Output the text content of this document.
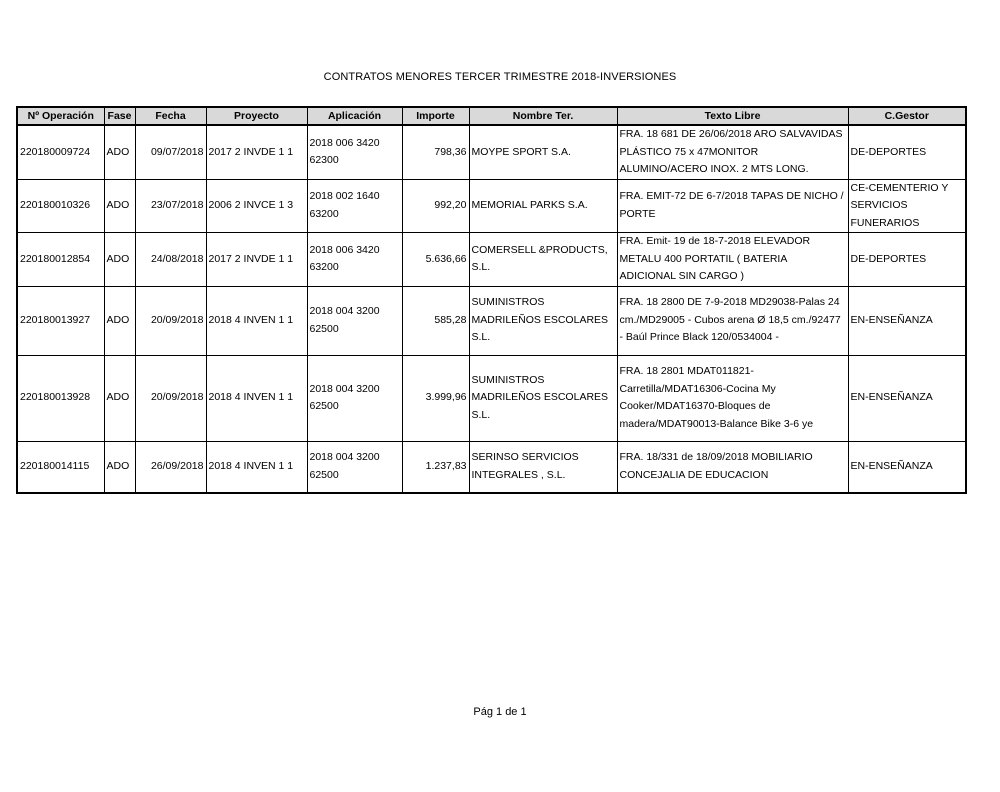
CONTRATOS MENORES TERCER TRIMESTRE 2018-INVERSIONES
Nº Operación	Fase	Fecha	Proyecto	Aplicación	Importe	Nombre Ter.	Texto Libre	C.Gestor
220180009724	ADO	09/07/2018	2017 2 INVDE 1 1	2018 006 3420 62300	798,36	MOYPE SPORT S.A.	FRA. 18 681 DE 26/06/2018 ARO SALVAVIDAS PLÁSTICO 75 x 47MONITOR ALUMINO/ACERO INOX. 2 MTS LONG.	DE-DEPORTES
220180010326	ADO	23/07/2018	2006 2 INVCE 1 3	2018 002 1640 63200	992,20	MEMORIAL PARKS S.A.	FRA. EMIT-72 DE 6-7/2018 TAPAS DE NICHO / PORTE	CE-CEMENTERIO Y SERVICIOS FUNERARIOS
220180012854	ADO	24/08/2018	2017 2 INVDE 1 1	2018 006 3420 63200	5.636,66	COMERSELL &PRODUCTS, S.L.	FRA. Emit- 19 de 18-7-2018 ELEVADOR METALU 400 PORTATIL ( BATERIA ADICIONAL SIN CARGO )	DE-DEPORTES
220180013927	ADO	20/09/2018	2018 4 INVEN 1 1	2018 004 3200 62500	585,28	SUMINISTROS MADRILEÑOS ESCOLARES S.L.	FRA. 18 2800 DE 7-9-2018 MD29038-Palas 24 cm./MD29005 - Cubos arena Ø 18,5 cm./92477 - Baúl Prince Black 120/0534004 -	EN-ENSEÑANZA
220180013928	ADO	20/09/2018	2018 4 INVEN 1 1	2018 004 3200 62500	3.999,96	SUMINISTROS MADRILEÑOS ESCOLARES S.L.	FRA. 18 2801 MDAT011821-Carretilla/MDAT16306-Cocina My Cooker/MDAT16370-Bloques de madera/MDAT90013-Balance Bike 3-6 ye	EN-ENSEÑANZA
220180014115	ADO	26/09/2018	2018 4 INVEN 1 1	2018 004 3200 62500	1.237,83	SERINSO SERVICIOS INTEGRALES , S.L.	FRA. 18/331 de 18/09/2018 MOBILIARIO CONCEJALIA DE EDUCACION	EN-ENSEÑANZA
Pág 1 de 1
